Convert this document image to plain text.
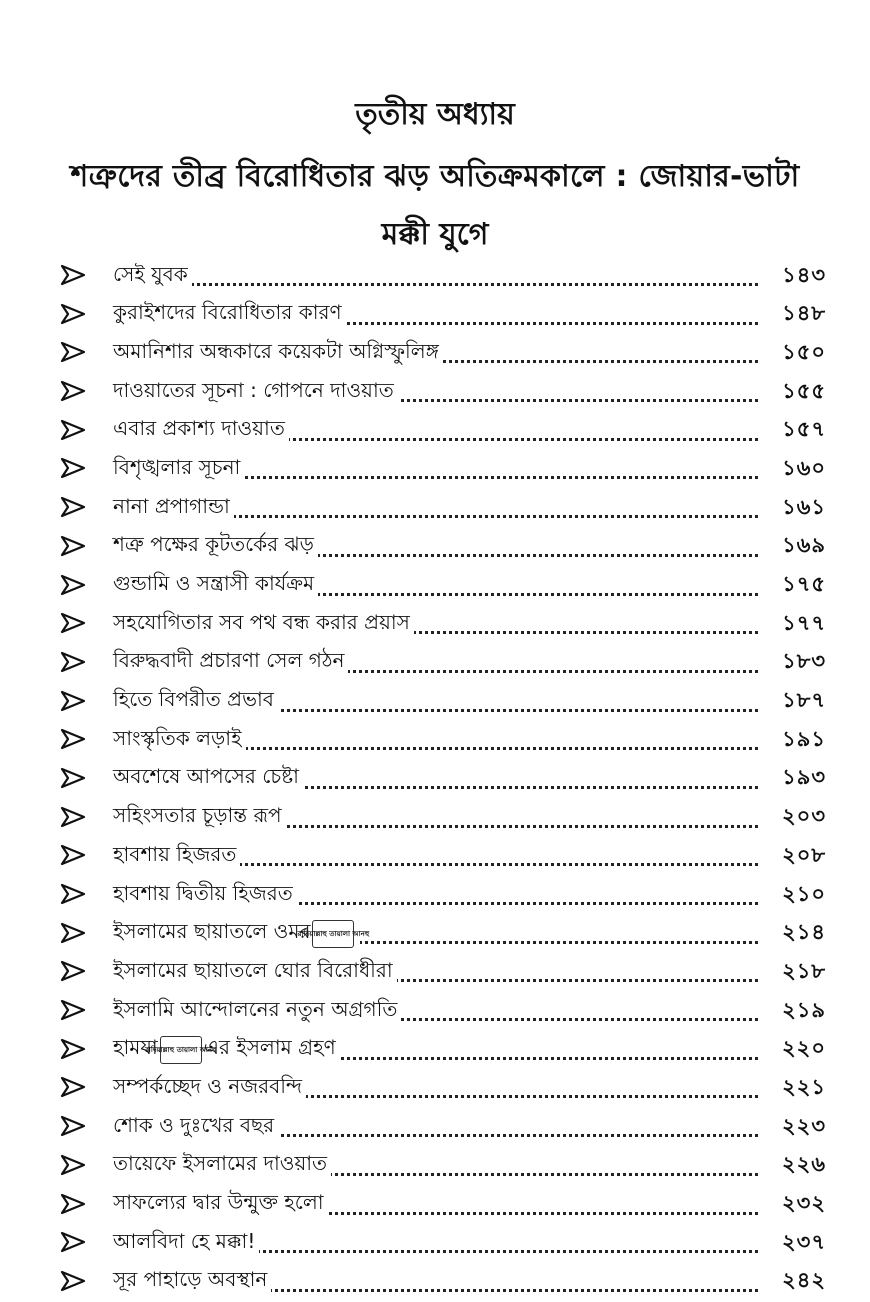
তৃতীয় অধ্যায়
শত্রুদের তীব্র বিরোধিতার ঝড় অতিক্রমকালে : জোয়ার-ভাটা
মক্কী যুগে
সেই যুবক	১৪৩
কুরাইশদের বিরোধিতার কারণ	১৪৮
অমানিশার অন্ধকারে কয়েকটা অগ্নিস্ফুলিঙ্গ	১৫০
দাওয়াতের সূচনা : গোপনে দাওয়াত	১৫৫
এবার প্রকাশ্য দাওয়াত	১৫৭
বিশৃঙ্খলার সূচনা	১৬০
নানা প্রপাগান্ডা	১৬১
শত্রু পক্ষের কূটতর্কের ঝড়	১৬৯
গুন্ডামি ও সন্ত্রাসী কার্যক্রম	১৭৫
সহযোগিতার সব পথ বন্ধ করার প্রয়াস	১৭৭
বিরুদ্ধবাদী প্রচারণা সেল গঠন	১৮৩
হিতে বিপরীত প্রভাব	১৮৭
সাংস্কৃতিক লড়াই	১৯১
অবশেষে আপসের চেষ্টা	১৯৩
সহিংসতার চূড়ান্ত রূপ	২০৩
হাবশায় হিজরত	২০৮
হাবশায় দ্বিতীয় হিজরত	২১০
ইসলামের ছায়াতলে ওমর
রাদিয়াল্লাহু তায়ালা আনহু	২১৪
ইসলামের ছায়াতলে ঘোর বিরোধীরা	২১৮
ইসলামি আন্দোলনের নতুন অগ্রগতি	২১৯
হামযা
রাদিয়াল্লাহু তায়ালা আনহু
এর ইসলাম গ্রহণ	২২০
সম্পর্কচ্ছেদ ও নজরবন্দি	২২১
শোক ও দুঃখের বছর	২২৩
তায়েফে ইসলামের দাওয়াত	২২৬
সাফল্যের দ্বার উন্মুক্ত হলো	২৩২
আলবিদা হে মক্কা!	২৩৭
সূর পাহাড়ে অবস্থান	২৪২
